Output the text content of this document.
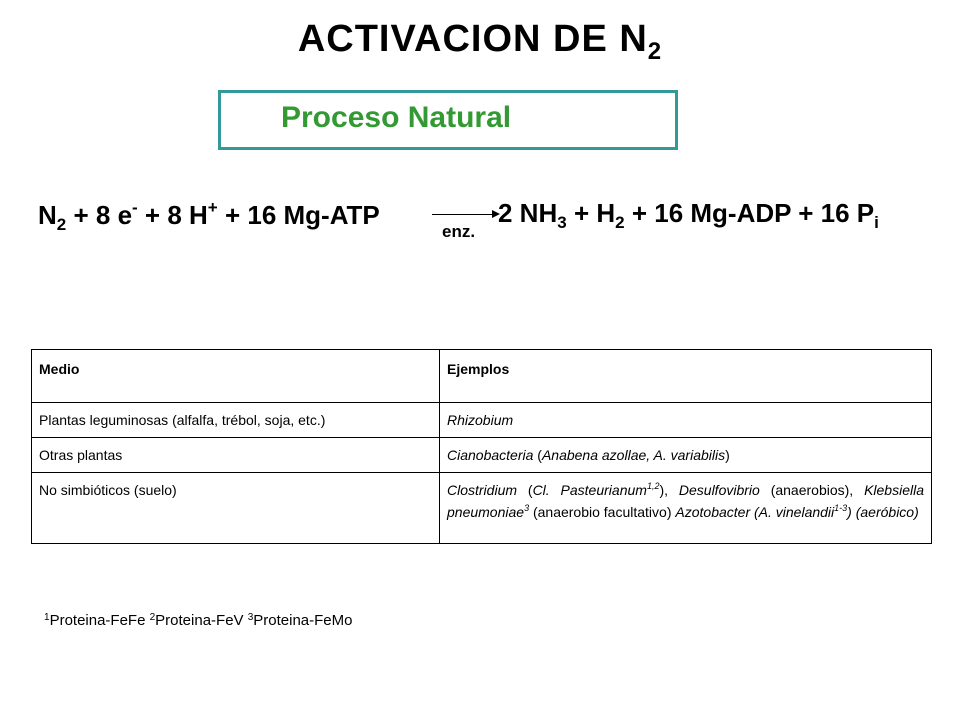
ACTIVACION DE $N_2$
Proceso Natural
$N_2 + 8$ e- + 8 H+ + 16 Mg-ATP	2 $NH_3 + H_2 + 16$ Mg-ADP + 16 $P_i$
enz.
Medio	Ejemplos
Plantas leguminosas (alfalfa, trébol, soja, etc.)	Rhizobium

Otras plantas	Cianobacteria (Anabena azollae, A. variabilis)

No simbióticos (suelo)	Clostridium (Cl. Pasteurianum$^{1,2}$), Desulfovibrio (anaerobios), Klebsiella pneumoniae$^3$ (anaerobio facultativo) Azotobacter (A. vinelandii$^{1-3}$) (aeróbico)
$^1$Proteina-FeFe $^2$Proteina-FeV $^3$Proteina-FeMo
